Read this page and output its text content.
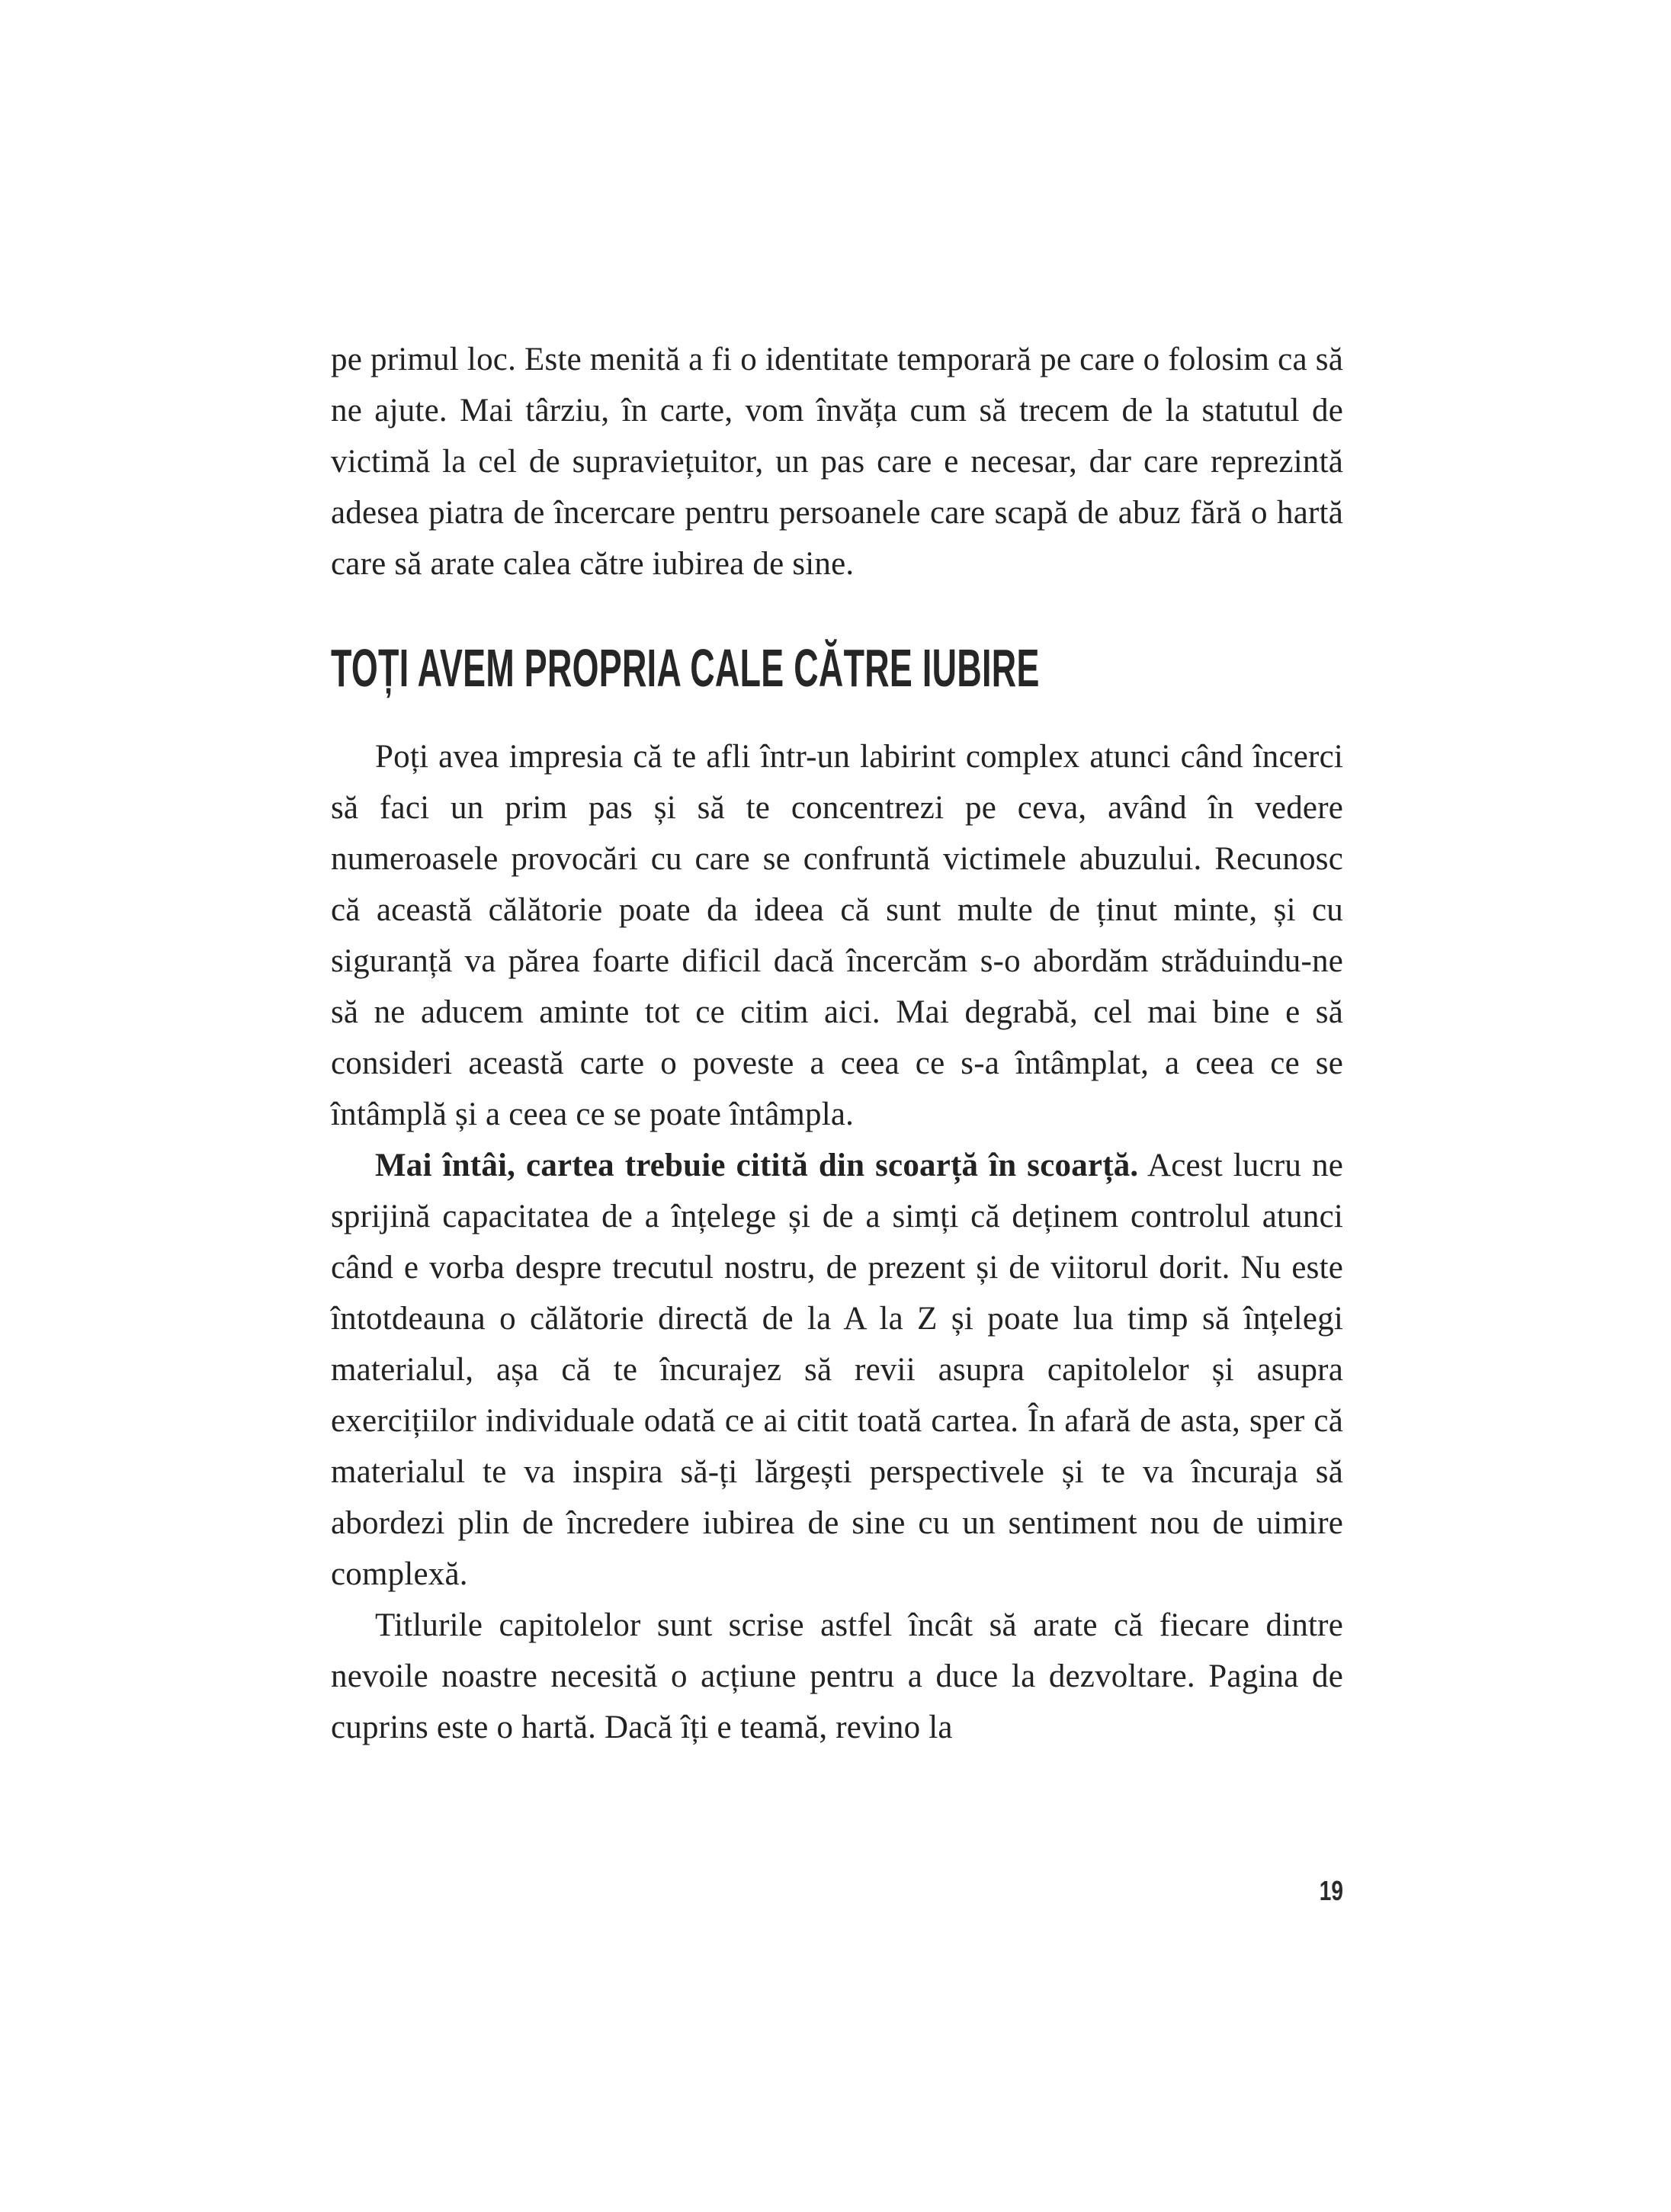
pe primul loc. Este menită a fi o identitate temporară pe care o folosim ca să ne ajute. Mai târziu, în carte, vom învăța cum să trecem de la statutul de victimă la cel de supraviețuitor, un pas care e necesar, dar care reprezintă adesea piatra de încercare pentru persoanele care scapă de abuz fără o hartă care să arate calea către iubirea de sine.

TOȚI AVEM PROPRIA CALE CĂTRE IUBIRE

Poți avea impresia că te afli într-un labirint complex atunci când încerci să faci un prim pas și să te concentrezi pe ceva, având în vedere numeroasele provocări cu care se confruntă victimele abuzului. Recunosc că această călătorie poate da ideea că sunt multe de ținut minte, și cu siguranță va părea foarte dificil dacă încercăm s-o abordăm străduindu-ne să ne aducem aminte tot ce citim aici. Mai degrabă, cel mai bine e să consideri această carte o poveste a ceea ce s-a întâmplat, a ceea ce se întâmplă și a ceea ce se poate întâmpla.

Mai întâi, cartea trebuie citită din scoarță în scoarță. Acest lucru ne sprijină capacitatea de a înțelege și de a simți că deținem controlul atunci când e vorba despre trecutul nostru, de prezent și de viitorul dorit. Nu este întotdeauna o călătorie directă de la A la Z și poate lua timp să înțelegi materialul, așa că te încurajez să revii asupra capitolelor și asupra exercițiilor individuale odată ce ai citit toată cartea. În afară de asta, sper că materialul te va inspira să-ți lărgești perspectivele și te va încuraja să abordezi plin de încredere iubirea de sine cu un sentiment nou de uimire complexă.

Titlurile capitolelor sunt scrise astfel încât să arate că fiecare dintre nevoile noastre necesită o acțiune pentru a duce la dezvoltare. Pagina de cuprins este o hartă. Dacă îți e teamă, revino la

19
